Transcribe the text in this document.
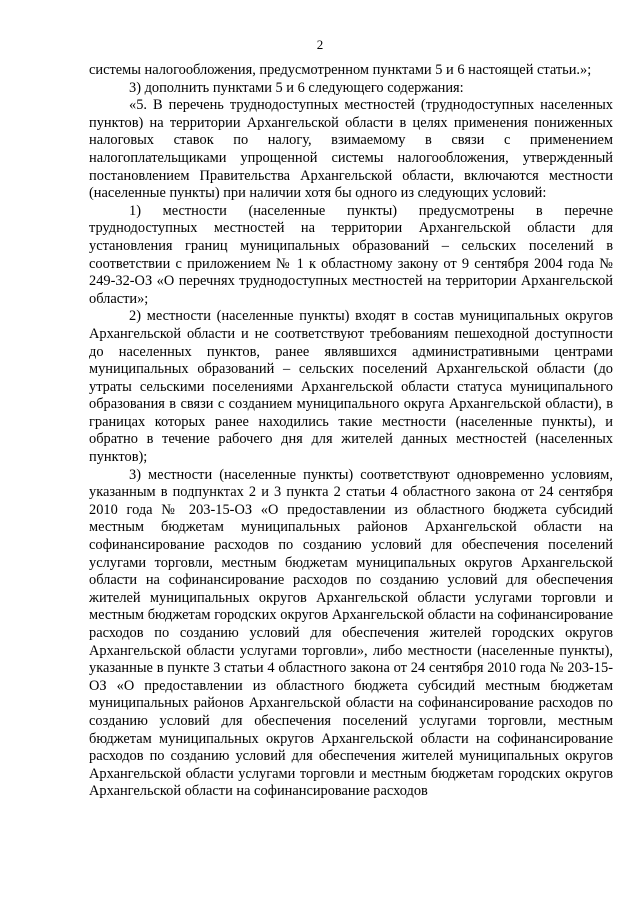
2

системы налогообложения, предусмотренном пунктами 5 и 6 настоящей статьи.»;

3) дополнить пунктами 5 и 6 следующего содержания:

«5. В перечень труднодоступных местностей (труднодоступных населенных пунктов) на территории Архангельской области в целях применения пониженных налоговых ставок по налогу, взимаемому в связи с применением налогоплательщиками упрощенной системы налогообложения, утвержденный постановлением Правительства Архангельской области, включаются местности (населенные пункты) при наличии хотя бы одного из следующих условий:

1) местности (населенные пункты) предусмотрены в перечне труднодоступных местностей на территории Архангельской области для установления границ муниципальных образований – сельских поселений в соответствии с приложением № 1 к областному закону от 9 сентября 2004 года № 249-32-ОЗ «О перечнях труднодоступных местностей на территории Архангельской области»;

2) местности (населенные пункты) входят в состав муниципальных округов Архангельской области и не соответствуют требованиям пешеходной доступности до населенных пунктов, ранее являвшихся административными центрами муниципальных образований – сельских поселений Архангельской области (до утраты сельскими поселениями Архангельской области статуса муниципального образования в связи с созданием муниципального округа Архангельской области), в границах которых ранее находились такие местности (населенные пункты), и обратно в течение рабочего дня для жителей данных местностей (населенных пунктов);

3) местности (населенные пункты) соответствуют одновременно условиям, указанным в подпунктах 2 и 3 пункта 2 статьи 4 областного закона от 24 сентября 2010 года № 203-15-ОЗ «О предоставлении из областного бюджета субсидий местным бюджетам муниципальных районов Архангельской области на софинансирование расходов по созданию условий для обеспечения поселений услугами торговли, местным бюджетам муниципальных округов Архангельской области на софинансирование расходов по созданию условий для обеспечения жителей муниципальных округов Архангельской области услугами торговли и местным бюджетам городских округов Архангельской области на софинансирование расходов по созданию условий для обеспечения жителей городских округов Архангельской области услугами торговли», либо местности (населенные пункты), указанные в пункте 3 статьи 4 областного закона от 24 сентября 2010 года № 203-15-ОЗ «О предоставлении из областного бюджета субсидий местным бюджетам муниципальных районов Архангельской области на софинансирование расходов по созданию условий для обеспечения поселений услугами торговли, местным бюджетам муниципальных округов Архангельской области на софинансирование расходов по созданию условий для обеспечения жителей муниципальных округов Архангельской области услугами торговли и местным бюджетам городских округов Архангельской области на софинансирование расходов
